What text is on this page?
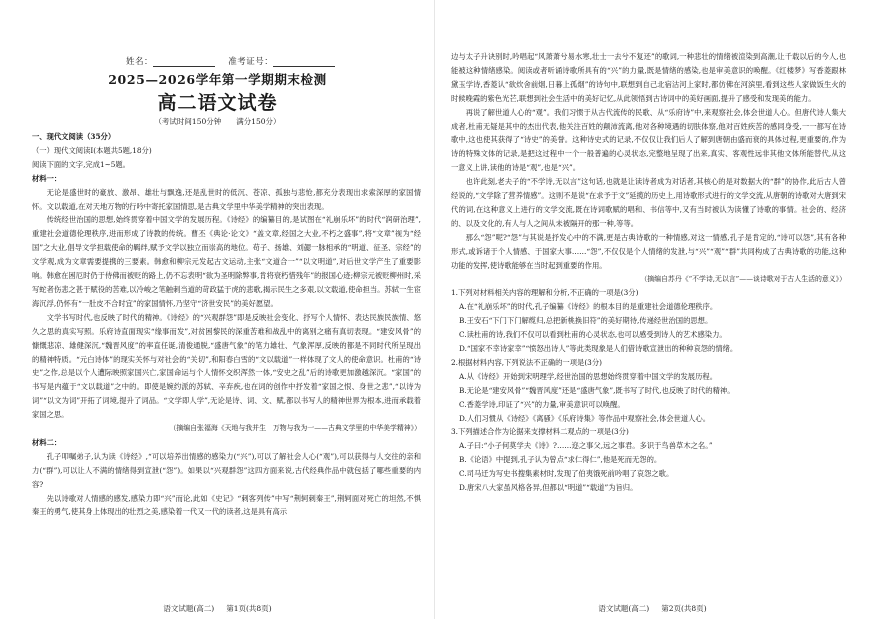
姓名：	准考证号：
2025—2026学年第一学期期末检测
高二语文试卷
（考试时间150分钟　　满分150分）

一、现代文阅读（35分）

（一）现代文阅读Ⅰ(本题共5题,18分)

阅读下面的文字,完成1~5题。

材料一：

无论是盛世时的豪放、激昂、雄壮与飘逸,还是乱世时的低沉、苍凉、孤独与悲怆,都充分表现出求索深厚的家国情怀。文以载道,在对天地万物的行吟中寄托家国情思,是古典文学里中华美学精神的突出表现。

传统经世治国的思想,始终贯穿着中国文学的发展历程。《诗经》的编纂目的,是试图在“礼崩乐坏”的时代“润研治理”,重建社会道德伦理秩序,进而形成了诗教的传统。曹丕《典论·论文》“盖文章,经国之大业,不朽之盛事”,将“文章”视为“经国”之大业,倡导文学担载使命的羁绊,赋予文学以独立而崇高的地位。苟子、扬雄、刘勰一脉相承的“明道、征圣、宗经”的文学观,成为文章需要提携的三要素。韩愈和柳宗元发起古文运动,主张“文道合一”“以文明道”,对后世文学产生了重要影响。韩愈在困厄时仍于侍佛而被贬的路上,仍不忘表明“欲为圣明除弊事,肯将衰朽惜残年”的报国心迹;柳宗元被贬柳州时,采写蛇者伤悲之甚于赋役的苦难,以冷峻之笔触刺当道的苛政猛于虎的悲歌,揭示民生之多艰,以文载道,使命担当。苏轼一生宦海沉浮,仍怀有“一肚皮不合时宜”的家国情怀,乃坚守“济世安民”的美好愿望。

文学书写时代,也反映了时代的精神。《诗经》的“兴观群怨”即是反映社会变化、抒写个人情怀、表达民族民族情、悠久之思的真实写照。乐府诗直面现实“缘事而发”,对贫困黎民的深重苦难和战乱中的离别之痛有真切表现。“建安风骨”的慷慨悲凉、雄健深沉,“魏晋风度”的率直任诞,清俊通脱,“盛唐气象”的笔力雄壮、气象浑厚,反映的都是不同时代所呈现出的精神特质。“元白诗体”的现实关怀与对社会的“关切”,和阳春白雪的“文以载道”一样体现了文人的使命意识。杜甫的“诗史”之作,总是以个人遭际映照家国兴亡,家国命运与个人情怀交织浑然一体,“安史之乱”后的诗歌更加激越深沉。“家国”的书写是内蕴于“文以载道”之中的。即使是婉约派的苏轼、辛弃疾,也在词的创作中抒发着“家国之恨、身世之悲”,“以诗为词”“以文为词”开拓了词境,提升了词品。“文学即人学”,无论是诗、词、文、赋,都以书写人的精神世界为根本,进而承载着家国之思。

（摘编自张福海《天地与我并生　万物与我为一——古典文学里的中华美学精神》）

材料二：

孔子叩嘱弟子,认为读《诗经》,“可以培养出情感的感染力(“兴”),可以了解社会人心(“观”),可以获得与人交往的亲和力(“群”),可以让人不满的情绪得到宣泄(“怨”)。如果以“兴观群怨”这四方面来说,古代经典作品中就包括了哪些重要的内容?

先以诗歌对人情感的感发,感染力即“兴”而论,此如《史记》“刺客列传”中写“荆轲刺秦王”,荆轲面对死亡的坦然,不惧秦王的勇气,使其身上体现出的壮烈之美,感染着一代又一代的读者,这是具有高示

语文试题(高二) 第1页(共8页)

边与太子升诀别时,吟唱起“风萧萧兮易水寒,壮士一去兮不复还”的歌词,一种悲壮的情绪被渲染到高潮,让千载以后的今人,也能被这种情绪感染。阅读或者听诵诗歌所具有的“兴”的力量,既是情绪的感染,也是审美意识的唤醒。《红楼梦》写香菱跟林黛玉学诗,香菱认“欲炊舍前烟,日暮上孤烟”的诗句中,联想到自己北宿沽河上家时,都仿佛在河滨里,看到这些人家做饭生火的时候晚霞的紫色光芒,联想到社会生活中的美好记忆,从此领悟到古诗词中的美好画面,提升了感受和发现美的能力。

再说了解世道人心的“观”。我们习惯于从古代流传的民歌、从“乐府诗”中,来观察社会,体会世道人心。但唐代诗人集大成者,杜甫无疑是其中的杰出代表,他关注百姓的颠沛流离,他对各种境遇的切肤体察,他对百姓疾苦的感同身受,一一都写在诗歌中,这也使其获得了“诗史”的美誉。这种诗史式的记录,不仅仅让我们后人了解到唐朝由盛而衰的具体过程,更重要的,作为诗的特殊文体的记录,是把这过程中一个一般普遍的心灵状态,完整地呈现了出来,真实、客观性远非其他文体所能替代,从这一意义上讲,读他的诗是“观”,也是“兴”。

也许此刻,老夫子的“不学诗,无以言”这句话,也就是让读诗者成为对话者,其核心的是对数据大的“群”的协作,此后古人曾经说的,“文学除了营养情感”。这则不是说“在求予于文”延揽的历史上,用诗歌形式进行的文学交流,从唐朝的诗歌对大唐到宋代的词,在这种意义上进行的文学交流,既在诗词歌赋的唱和、书信等中,又有当时被认为读懂了诗歌的事情。社会的、经济的、以及文化的,有人与人之间从未被隔开的那一种,等等。

那么“怨”呢?“怨”与其说是抒发心中的不满,更是古典诗歌的一种情感,对这一情感,孔子是肯定的,“诗可以怨”,其有各种形式,或诉诸于个人情感、于国家大事……“怨”,不仅仅是个人情绪的发泄,与“兴”“观”“群”共同构成了古典诗歌的功能,这种功能的发挥,使诗歌能够在当时起到重要的作用。

（摘编自苏丹《“不学诗,无以言”——谈诗歌对于古人生活的意义》）

1.下列对材料相关内容的理解和分析,不正确的一项是(3分)

A.在“礼崩乐坏”的时代,孔子编纂《诗经》的根本目的是重建社会道德伦理秩序。

B.王安石“下门下门解缆归,总把新桃换旧符”的美好期待,传递经世治国的思想。

C.读杜甫的诗,我们不仅可以看到杜甫的心灵状态,也可以感受到诗人的艺术感染力。

D.“国家不幸诗家幸”“愤怒出诗人”等此类现象是人们借诗歌宣泄出的种种哀怨的情绪。

2.根据材料内容,下列说法不正确的一项是(3分)

A.从《诗经》开始到宋明理学,经世治国的思想始终贯穿着中国文学的发展历程。

B.无论是“建安风骨”“魏晋风度”还是“盛唐气象”,既书写了时代,也反映了时代的精神。

C.香菱学诗,印证了“兴”的力量,审美意识可以唤醒。

D.人们习惯从《诗经》《离骚》《乐府诗集》等作品中观察社会,体会世道人心。

3.下列描述合作为论据来支撑材料二观点的一项是(3分)

A.子曰:“小子何莫学夫《诗》?……迩之事父,远之事君。多识于鸟兽草木之名。”

B.《论语》中提到,孔子认为曾点“求仁得仁”,他是死而无怨的。

C.司马迁为写史书搜集素材时,发现了伯夷饿死前吟唱了哀怨之歌。

D.唐宋八大家虽风格各异,但都以“明道”“载道”为旨归。

语文试题(高二) 第2页(共8页)
